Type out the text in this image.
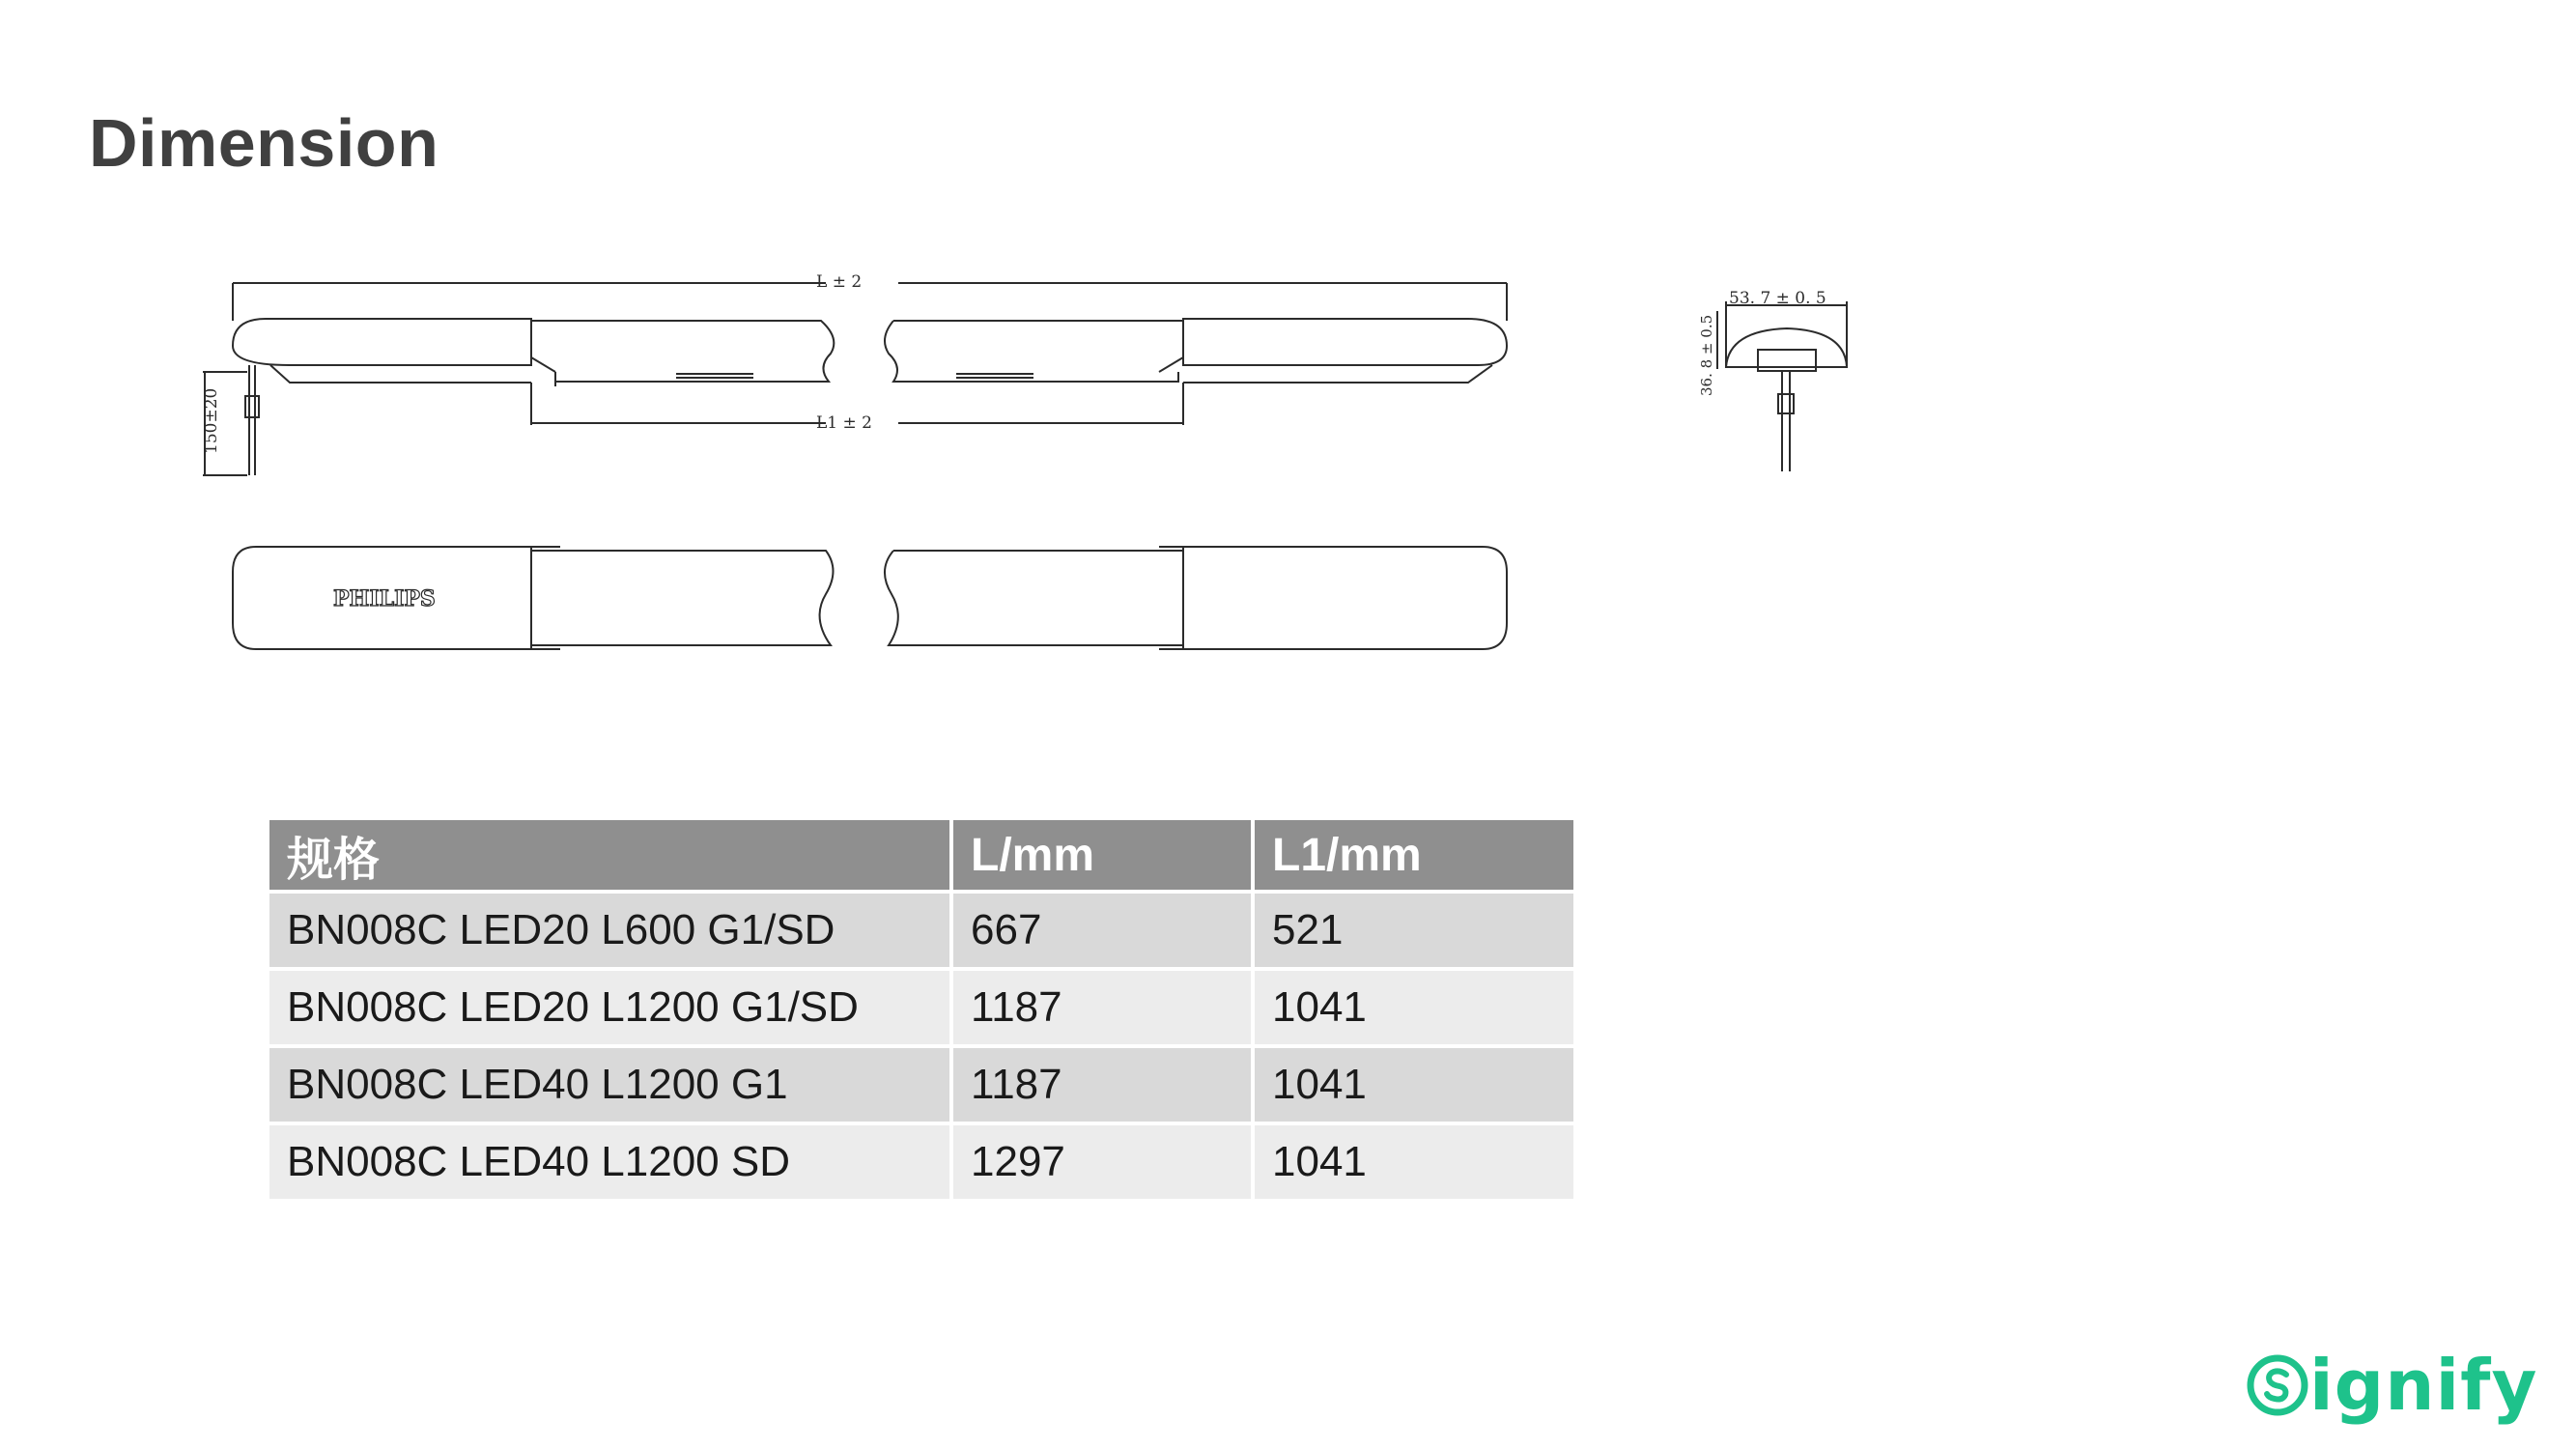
Dimension
L ± 2
L1 ± 2
150±20
53. 7 ± 0. 5
36. 8 ± 0.5
PHILIPS
规格	L/mm	L1/mm
BN008C LED20 L600 G1/SD	667	521
BN008C LED20 L1200 G1/SD	1187	1041
BN008C LED40 L1200 G1	1187	1041
BN008C LED40 L1200 SD	1297	1041
ignify
